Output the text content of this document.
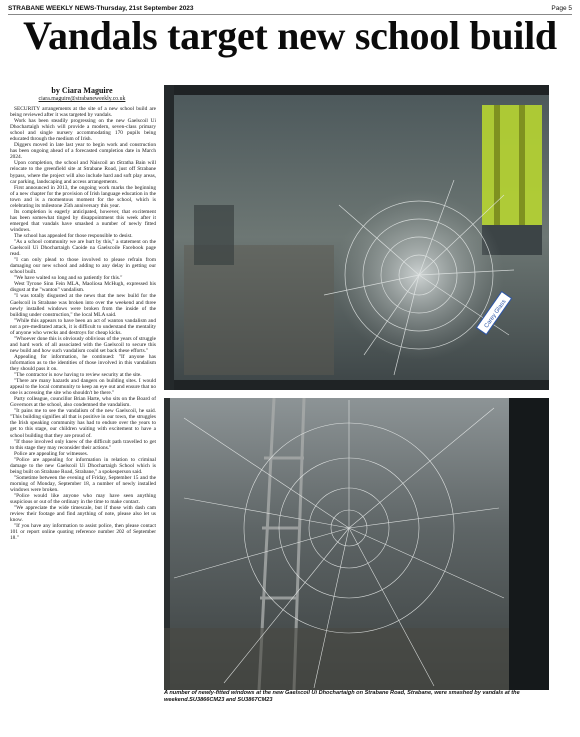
STRABANE WEEKLY NEWS-Thursday, 21st September 2023	Page 5
Vandals target new school build
by Ciara Maguire
ciara.maguire@strabaneweekly.co.uk

SECURITY arrangements at the site of a new school build are being reviewed after it was targeted by vandals.

Work has been steadily progressing on the new Gaelscoil Ui Dhochartaigh which will provide a modern, seven-class primary school and single nursery accommodating 170 pupils being educated through the medium of Irish.

Diggers moved in late last year to begin work and construction has been ongoing ahead of a forecasted completion date in March 2024.

Upon completion, the school and Naiscoil an tStratha Bain will relocate to the greenfield site at Strabane Road, just off Strabane bypass, where the project will also include hard and soft play areas, car parking, landscaping and access arrangements.

First announced in 2013, the ongoing work marks the beginning of a new chapter for the provision of Irish language education in the town and is a momentous moment for the school, which is celebrating its milestone 25th anniversary this year.

Its completion is eagerly anticipated, however, that excitement has been somewhat tinged by disappointment this week after it emerged that vandals have smashed a number of newly fitted windows.

The school has appealed for those responsible to desist.

"As a school community we are hurt by this," a statement on the Gaelscoil Ui Dhochartaigh Caoide na Gaelscoile Facebook page read.

"I can only plead to those involved to please refrain from damaging our new school and adding to any delay in getting our school built.

"We have waited so long and so patiently for this."

West Tyrone Sinn Fein MLA, Maolíosa McHugh, expressed his disgust at the "wanton" vandalism.

"I was totally disgusted at the news that the new build for the Gaelscoil in Strabane was broken into over the weekend and three newly installed windows were broken from the inside of the building under construction," the local MLA said.

"While this appears to have been an act of wanton vandalism and not a pre-meditated attack, it is difficult to understand the mentality of anyone who wrecks and destroys for cheap kicks.

"Whoever done this is obviously oblivious of the years of struggle and hard work of all associated with the Gaelscoil to secure this new build and how such vandalism could set back these efforts."

Appealing for information, he continued: "If anyone has information as to the identities of those involved in this vandalism they should pass it on.

"The contractor is now having to review security at the site.

"There are many hazards and dangers on building sites. I would appeal to the local community to keep an eye out and ensure that no one is accessing the site who shouldn't be there."

Party colleague, councillor Brian Harte, who sits on the Board of Governors at the school, also condemned the vandalism.

"It pains me to see the vandalism of the new Gaelscoil, he said. "This building signifies all that is positive in our town, the struggles the Irish speaking community has had to endure over the years to get to this stage, our children waiting with excitement to have a school building that they are proud of.

"If those involved only knew of the difficult path travelled to get to this stage they may reconsider their actions."

Police are appealing for witnesses.

"Police are appealing for information in relation to criminal damage to the new Gaelscoil Ui Dhochartaigh School which is being built on Strabane Road, Strabane," a spokesperson said.

"Sometime between the evening of Friday, September 15 and the morning of Monday, September 18, a number of newly installed windows were broken.

"Police would like anyone who may have seen anything suspicious or out of the ordinary in the time to make contact.

"We appreciate the wide timescale, but if those with dash cam review their footage and find anything of note, please also let us know.

"If you have any information to assist police, then please contact 101 or report online quoting reference number 202 of September 18."

Carey Glass
A number of newly-fitted windows at the new Gaelscoil Ui Dhochartaigh on Strabane Road, Strabane, were smashed by vandals at the weekend.SU3866CM23 and SU3867CM23
